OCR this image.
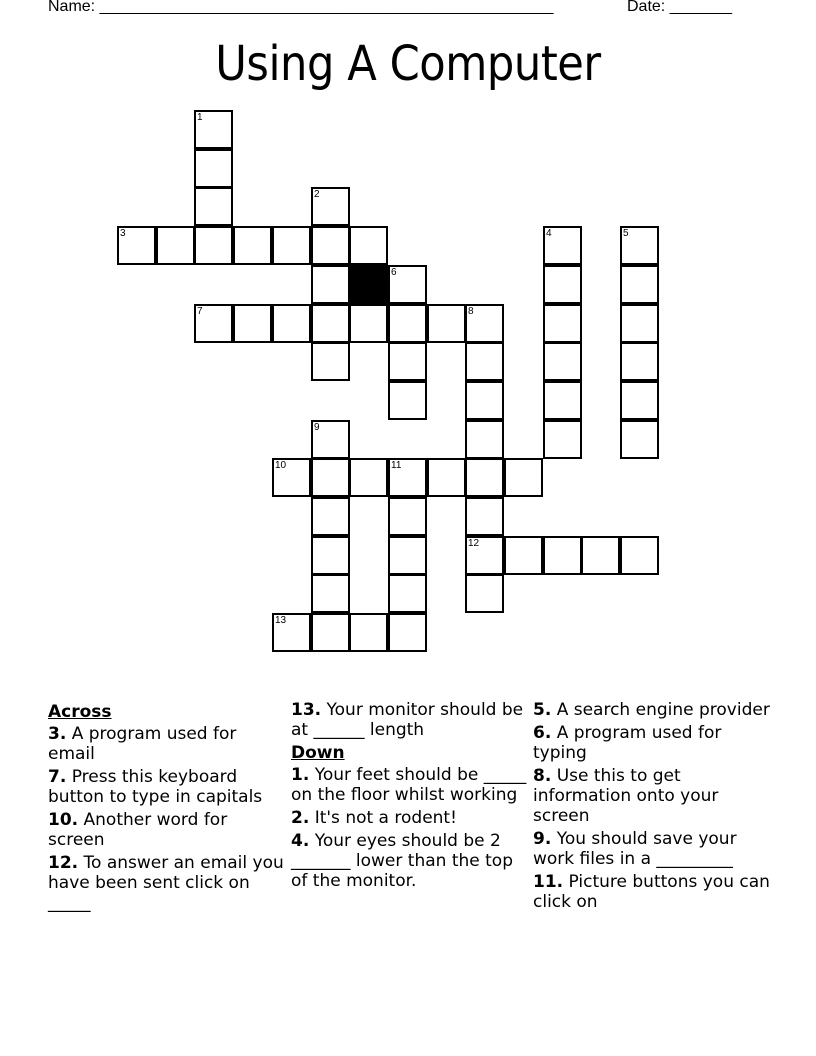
Name: ___________________________________________________	Date: _______
Using A Computer
1
2
3	4	5
6
7	8
9
10	11
12
13
Across
3. A program used for email
7. Press this keyboard button to type in capitals
10. Another word for screen
12. To answer an email you have been sent click on _____
13. Your monitor should be at ______ length
Down
1. Your feet should be _____ on the floor whilst working
2. It's not a rodent!
4. Your eyes should be 2 _______ lower than the top of the monitor.
5. A search engine provider
6. A program used for typing
8. Use this to get information onto your screen
9. You should save your work files in a _________
11. Picture buttons you can click on
